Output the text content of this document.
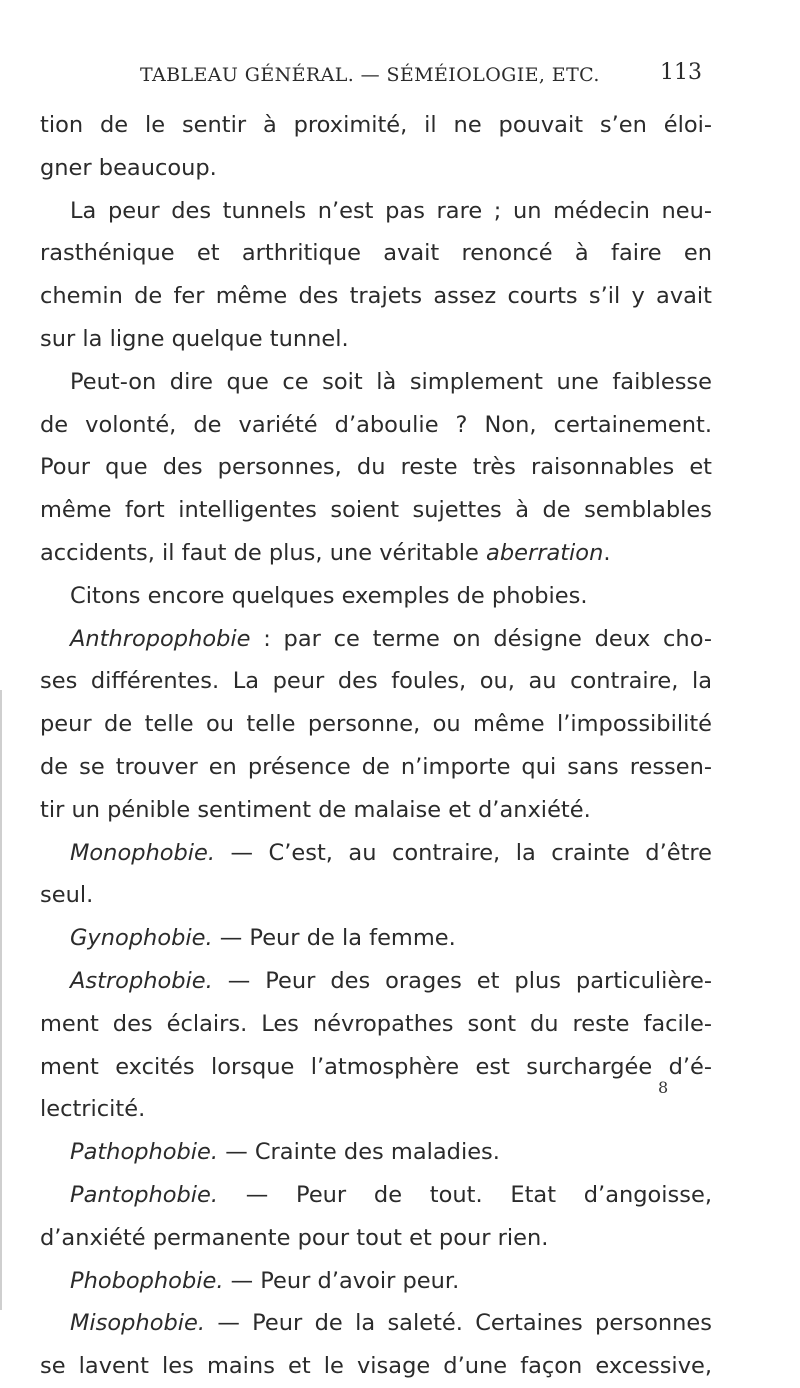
TABLEAU GÉNÉRAL. — SÉMÉIOLOGIE, ETC.	113
tion de le sentir à proximité, il ne pouvait s’en éloi-
gner beaucoup.
La peur des tunnels n’est pas rare ; un médecin neu-
rasthénique et arthritique avait renoncé à faire en
chemin de fer même des trajets assez courts s’il y avait
sur la ligne quelque tunnel.
Peut-on dire que ce soit là simplement une faiblesse
de volonté, de variété d’aboulie ? Non, certainement.
Pour que des personnes, du reste très raisonnables et
même fort intelligentes soient sujettes à de semblables
accidents, il faut de plus, une véritable aberration.
Citons encore quelques exemples de phobies.
Anthropophobie : par ce terme on désigne deux cho-
ses différentes. La peur des foules, ou, au contraire, la
peur de telle ou telle personne, ou même l’impossibilité
de se trouver en présence de n’importe qui sans ressen-
tir un pénible sentiment de malaise et d’anxiété.
Monophobie. — C’est, au contraire, la crainte d’être
seul.
Gynophobie. — Peur de la femme.
Astrophobie. — Peur des orages et plus particulière-
ment des éclairs. Les névropathes sont du reste facile-
ment excités lorsque l’atmosphère est surchargée d’é-
lectricité.
Pathophobie. — Crainte des maladies.
Pantophobie. — Peur de tout. Etat d’angoisse,
d’anxiété permanente pour tout et pour rien.
Phobophobie. — Peur d’avoir peur.
Misophobie. — Peur de la saleté. Certaines personnes
se lavent les mains et le visage d’une façon excessive,
8
